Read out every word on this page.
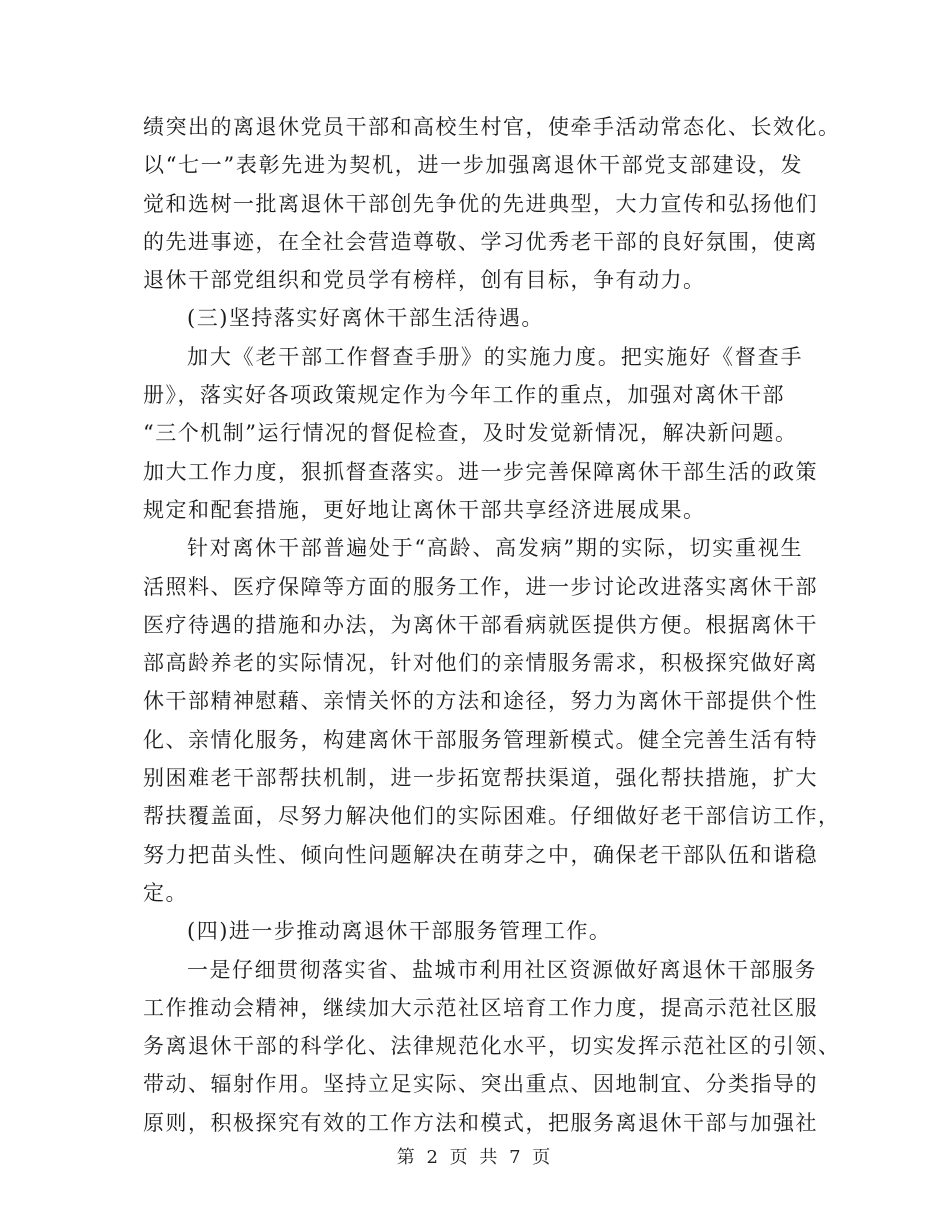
绩突出的离退休党员干部和高校生村官，使牵手活动常态化、长效化。
以“七一”表彰先进为契机，进一步加强离退休干部党支部建设，发
觉和选树一批离退休干部创先争优的先进典型，大力宣传和弘扬他们
的先进事迹，在全社会营造尊敬、学习优秀老干部的良好氛围，使离
退休干部党组织和党员学有榜样，创有目标，争有动力。
(三)坚持落实好离休干部生活待遇。
加大《老干部工作督查手册》的实施力度。把实施好《督查手
册》，落实好各项政策规定作为今年工作的重点，加强对离休干部
“三个机制”运行情况的督促检查，及时发觉新情况，解决新问题。
加大工作力度，狠抓督查落实。进一步完善保障离休干部生活的政策
规定和配套措施，更好地让离休干部共享经济进展成果。
针对离休干部普遍处于“高龄、高发病”期的实际，切实重视生
活照料、医疗保障等方面的服务工作，进一步讨论改进落实离休干部
医疗待遇的措施和办法，为离休干部看病就医提供方便。根据离休干
部高龄养老的实际情况，针对他们的亲情服务需求，积极探究做好离
休干部精神慰藉、亲情关怀的方法和途径，努力为离休干部提供个性
化、亲情化服务，构建离休干部服务管理新模式。健全完善生活有特
别困难老干部帮扶机制，进一步拓宽帮扶渠道，强化帮扶措施，扩大
帮扶覆盖面，尽努力解决他们的实际困难。仔细做好老干部信访工作，
努力把苗头性、倾向性问题解决在萌芽之中，确保老干部队伍和谐稳
定。
(四)进一步推动离退休干部服务管理工作。
一是仔细贯彻落实省、盐城市利用社区资源做好离退休干部服务
工作推动会精神，继续加大示范社区培育工作力度，提高示范社区服
务离退休干部的科学化、法律规范化水平，切实发挥示范社区的引领、
带动、辐射作用。坚持立足实际、突出重点、因地制宜、分类指导的
原则，积极探究有效的工作方法和模式，把服务离退休干部与加强社
第 2 页 共 7 页
